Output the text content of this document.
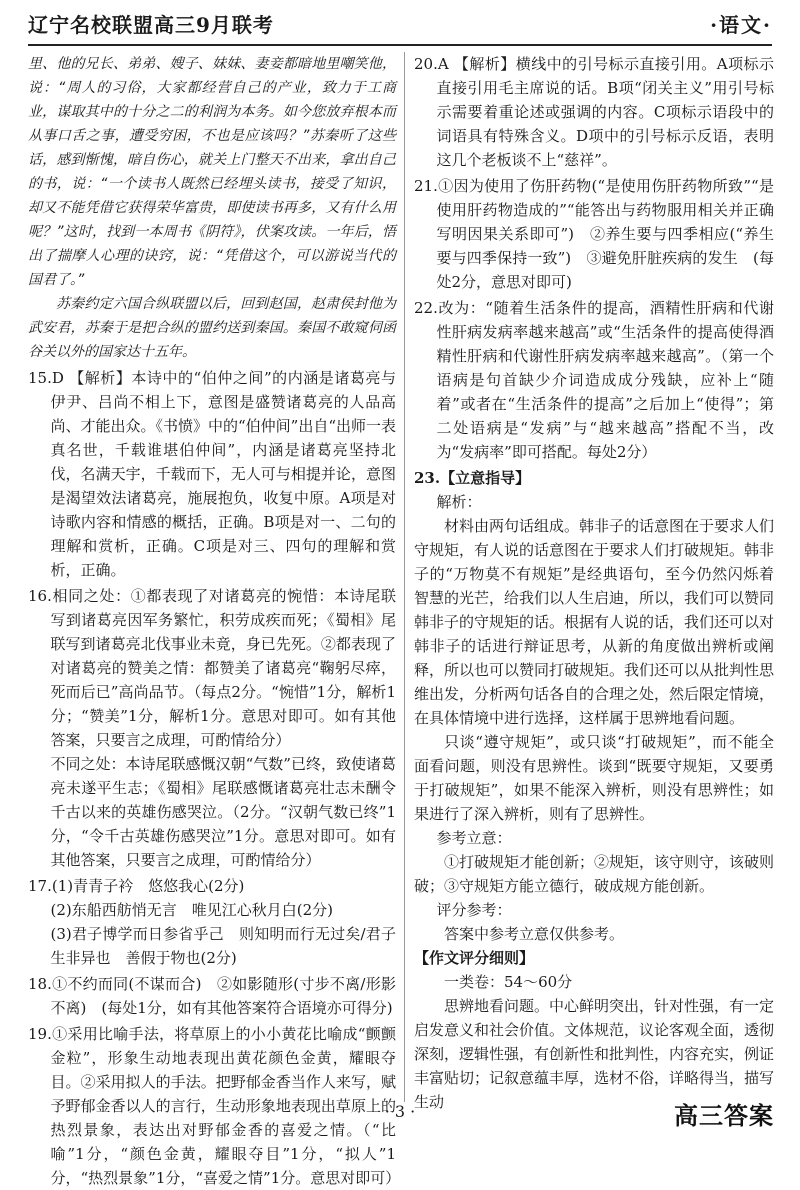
辽宁名校联盟高三9月联考	·语文·

里、他的兄长、弟弟、嫂子、妹妹、妻妾都暗地里嘲笑他，说：“周人的习俗，大家都经营自己的产业，致力于工商业，谋取其中的十分之二的利润为本务。如今您放弃根本而从事口舌之事，遭受穷困，不也是应该吗？”苏秦听了这些话，感到惭愧，暗自伤心，就关上门整天不出来，拿出自己的书，说：“一个读书人既然已经埋头读书，接受了知识，却又不能凭借它获得荣华富贵，即使读书再多，又有什么用呢？”这时，找到一本周书《阴符》，伏案攻读。一年后，悟出了揣摩人心理的诀窍，说：“凭借这个，可以游说当代的国君了。”

苏秦约定六国合纵联盟以后，回到赵国，赵肃侯封他为武安君，苏秦于是把合纵的盟约送到秦国。秦国不敢窥伺函谷关以外的国家达十五年。

15.D 【解析】本诗中的“伯仲之间”的内涵是诸葛亮与伊尹、吕尚不相上下，意图是盛赞诸葛亮的人品高尚、才能出众。《书愤》中的“伯仲间”出自“出师一表真名世，千载谁堪伯仲间”，内涵是诸葛亮坚持北伐，名满天宇，千载而下，无人可与相提并论，意图是渴望效法诸葛亮，施展抱负，收复中原。A项是对诗歌内容和情感的概括，正确。B项是对一、二句的理解和赏析，正确。C项是对三、四句的理解和赏析，正确。

16.相同之处：①都表现了对诸葛亮的惋惜：本诗尾联写到诸葛亮因军务繁忙，积劳成疾而死；《蜀相》尾联写到诸葛亮北伐事业未竟，身已先死。②都表现了对诸葛亮的赞美之情：都赞美了诸葛亮“鞠躬尽瘁，死而后已”高尚品节。（每点2分。“惋惜”1分，解析1分；“赞美”1分，解析1分。意思对即可。如有其他答案，只要言之成理，可酌情给分）

不同之处：本诗尾联感慨汉朝“气数”已终，致使诸葛亮未遂平生志；《蜀相》尾联感慨诸葛亮壮志未酬令千古以来的英雄伤感哭泣。（2分。“汉朝气数已终”1分，“令千古英雄伤感哭泣”1分。意思对即可。如有其他答案，只要言之成理，可酌情给分）

17.(1)青青子衿　悠悠我心(2分)

(2)东船西舫悄无言　唯见江心秋月白(2分)

(3)君子博学而日参省乎己　则知明而行无过矣/君子生非异也　善假于物也(2分)

18.①不约而同(不谋而合)　②如影随形(寸步不离/形影不离)　(每处1分，如有其他答案符合语境亦可得分)

19.①采用比喻手法，将草原上的小小黄花比喻成“颤颤金粒”，形象生动地表现出黄花颜色金黄，耀眼夺目。②采用拟人的手法。把野郁金香当作人来写，赋予野郁金香以人的言行，生动形象地表现出草原上的热烈景象，表达出对野郁金香的喜爱之情。（“比喻”1分，“颜色金黄，耀眼夺目”1分，“拟人”1分，“热烈景象”1分，“喜爱之情”1分。意思对即可）

20.A 【解析】横线中的引号标示直接引用。A项标示直接引用毛主席说的话。B项“闭关主义”用引号标示需要着重论述或强调的内容。C项标示语段中的词语具有特殊含义。D项中的引号标示反语，表明这几个老板谈不上“慈祥”。

21.①因为使用了伤肝药物(“是使用伤肝药物所致”“是使用肝药物造成的”“能答出与药物服用相关并正确写明因果关系即可”)　②养生要与四季相应(“养生要与四季保持一致”)　③避免肝脏疾病的发生　(每处2分，意思对即可)

22.改为：“随着生活条件的提高，酒精性肝病和代谢性肝病发病率越来越高”或“生活条件的提高使得酒精性肝病和代谢性肝病发病率越来越高”。（第一个语病是句首缺少介词造成成分残缺，应补上“随着”或者在“生活条件的提高”之后加上“使得”；第二处语病是“发病”与“越来越高”搭配不当，改为“发病率”即可搭配。每处2分）

23.【立意指导】

解析：

材料由两句话组成。韩非子的话意图在于要求人们守规矩，有人说的话意图在于要求人们打破规矩。韩非子的“万物莫不有规矩”是经典语句，至今仍然闪烁着智慧的光芒，给我们以人生启迪，所以，我们可以赞同韩非子的守规矩的话。根据有人说的话，我们还可以对韩非子的话进行辩证思考，从新的角度做出辨析或阐释，所以也可以赞同打破规矩。我们还可以从批判性思维出发，分析两句话各自的合理之处，然后限定情境，在具体情境中进行选择，这样属于思辨地看问题。

只谈“遵守规矩”，或只谈“打破规矩”，而不能全面看问题，则没有思辨性。谈到“既要守规矩，又要勇于打破规矩”，如果不能深入辨析，则没有思辨性；如果进行了深入辨析，则有了思辨性。

参考立意：

①打破规矩才能创新；②规矩，该守则守，该破则破；③守规矩方能立德行，破成规方能创新。

评分参考：

答案中参考立意仅供参考。

【作文评分细则】

一类卷：54～60分

思辨地看问题。中心鲜明突出，针对性强，有一定启发意义和社会价值。文体规范，议论客观全面，透彻深刻，逻辑性强，有创新性和批判性，内容充实，例证丰富贴切；记叙意蕴丰厚，选材不俗，详略得当，描写生动

· 3 ·	高三答案
